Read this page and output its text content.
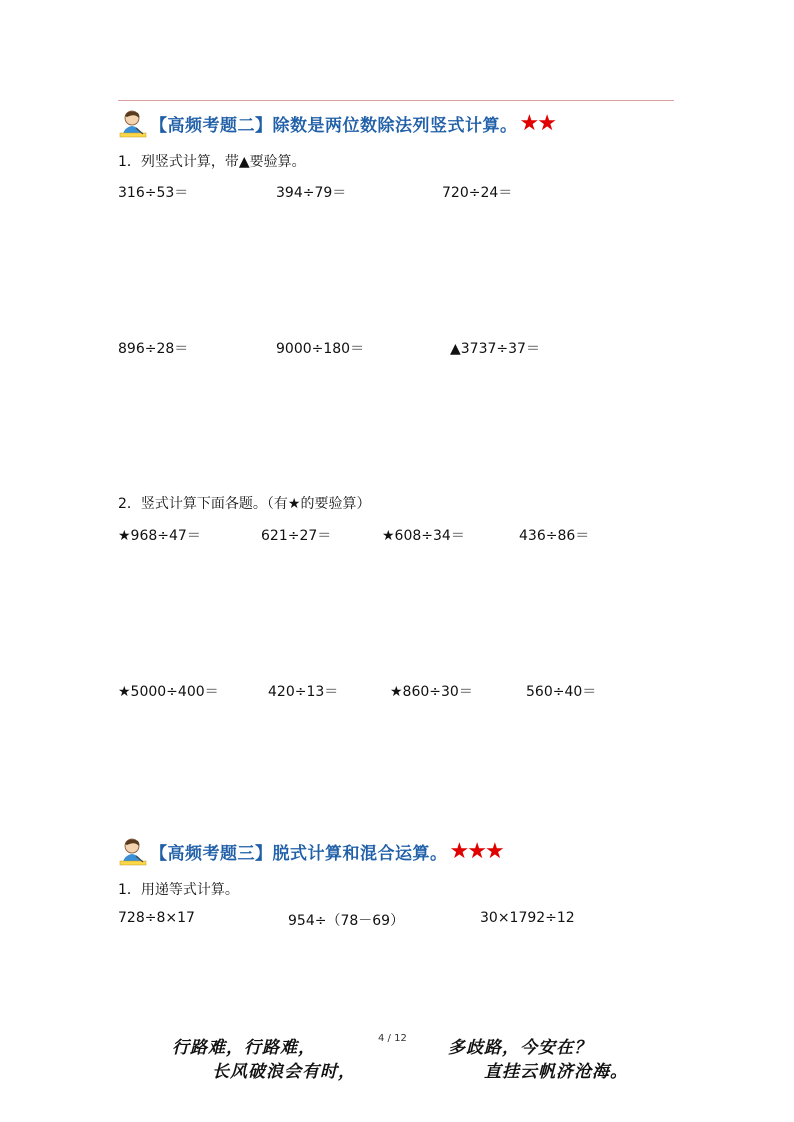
【高频考题二】除数是两位数除法列竖式计算。 ★★
1．列竖式计算，带▲要验算。
316÷53＝	394÷79＝	720÷24＝
896÷28＝	9000÷180＝	▲3737÷37＝
2．竖式计算下面各题。（有★的要验算）
★968÷47＝	621÷27＝	★608÷34＝	436÷86＝
★5000÷400＝	420÷13＝	★860÷30＝	560÷40＝
【高频考题三】脱式计算和混合运算。 ★★★
1．用递等式计算。
728÷8×17	954÷（78－69）	30×1792÷12
4 / 12
行路难，行路难，
长风破浪会有时，
多歧路，今安在？
直挂云帆济沧海。
